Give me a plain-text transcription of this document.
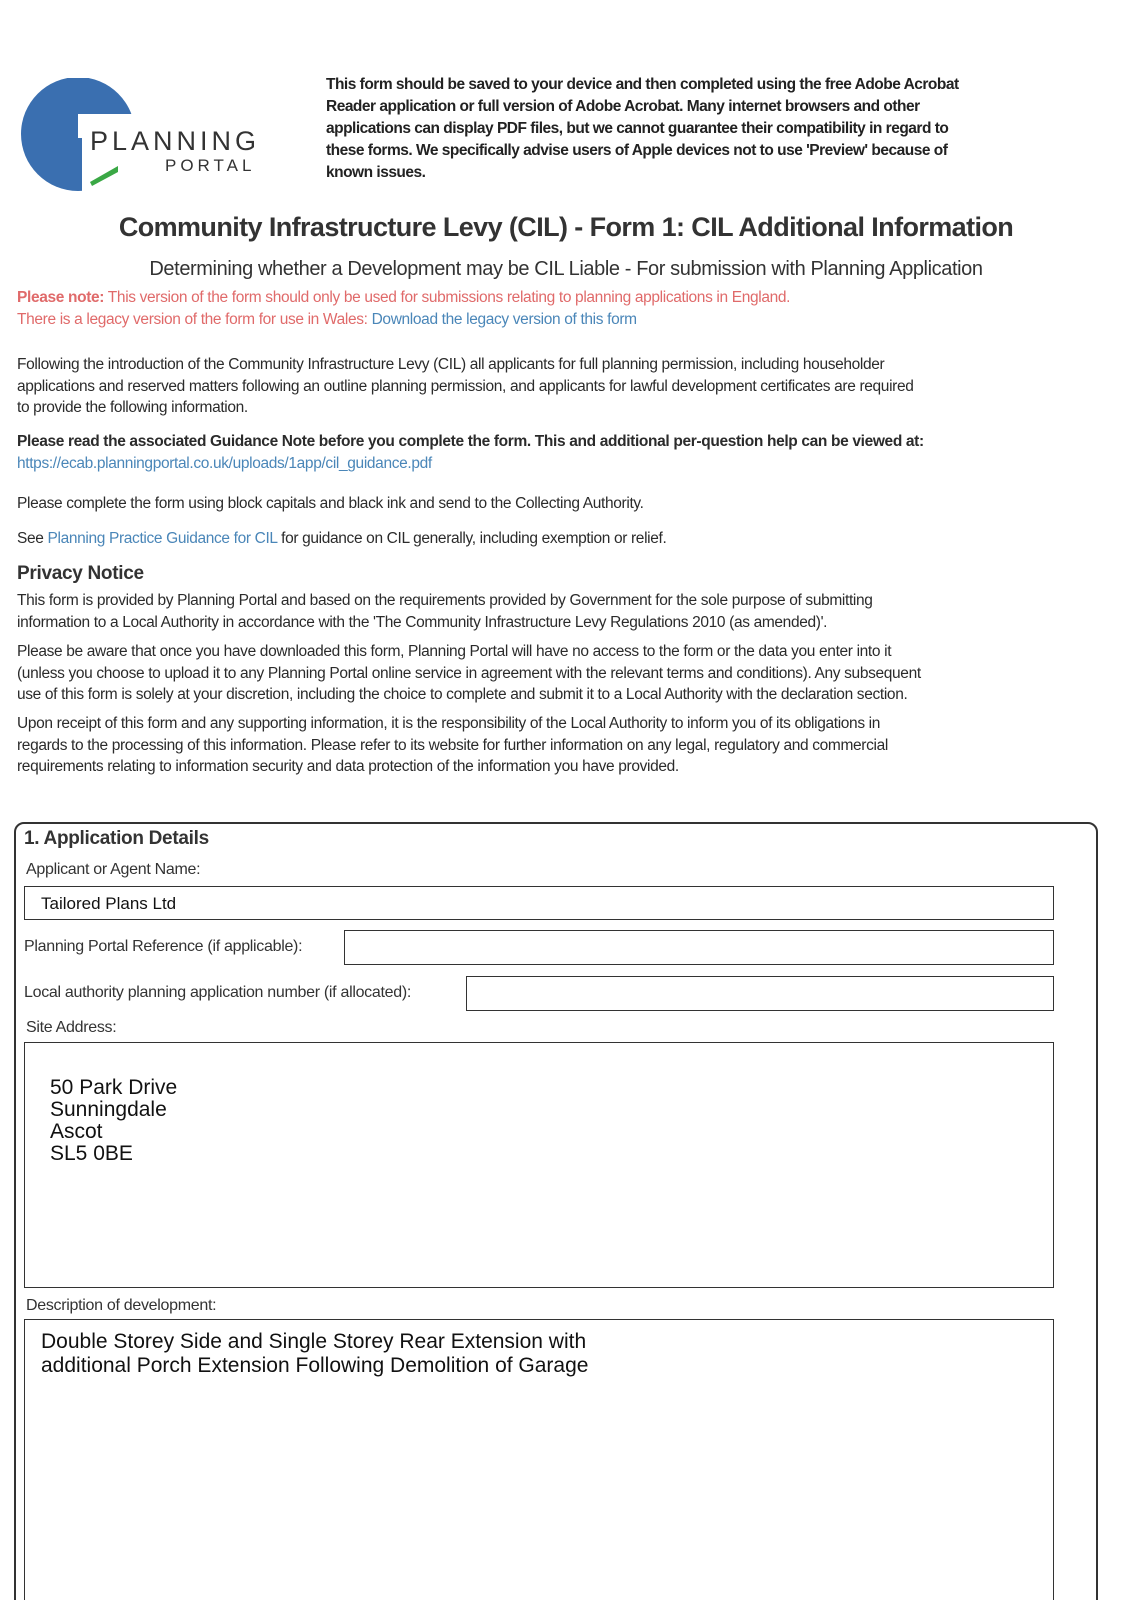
PLANNING
PORTAL
This form should be saved to your device and then completed using the free Adobe Acrobat
Reader application or full version of Adobe Acrobat. Many internet browsers and other
applications can display PDF files, but we cannot guarantee their compatibility in regard to
these forms. We specifically advise users of Apple devices not to use 'Preview' because of
known issues.
Community Infrastructure Levy (CIL) - Form 1: CIL Additional Information
Determining whether a Development may be CIL Liable - For submission with Planning Application
Please note: This version of the form should only be used for submissions relating to planning applications in England.
There is a legacy version of the form for use in Wales: Download the legacy version of this form
Following the introduction of the Community Infrastructure Levy (CIL) all applicants for full planning permission, including householder
applications and reserved matters following an outline planning permission, and applicants for lawful development certificates are required
to provide the following information.
Please read the associated Guidance Note before you complete the form. This and additional per-question help can be viewed at:
https://ecab.planningportal.co.uk/uploads/1app/cil_guidance.pdf
Please complete the form using block capitals and black ink and send to the Collecting Authority.
See Planning Practice Guidance for CIL for guidance on CIL generally, including exemption or relief.
Privacy Notice
This form is provided by Planning Portal and based on the requirements provided by Government for the sole purpose of submitting
information to a Local Authority in accordance with the 'The Community Infrastructure Levy Regulations 2010 (as amended)'.
Please be aware that once you have downloaded this form, Planning Portal will have no access to the form or the data you enter into it
(unless you choose to upload it to any Planning Portal online service in agreement with the relevant terms and conditions). Any subsequent
use of this form is solely at your discretion, including the choice to complete and submit it to a Local Authority with the declaration section.
Upon receipt of this form and any supporting information, it is the responsibility of the Local Authority to inform you of its obligations in
regards to the processing of this information. Please refer to its website for further information on any legal, regulatory and commercial
requirements relating to information security and data protection of the information you have provided.
1. Application Details
Applicant or Agent Name:
Tailored Plans Ltd
Planning Portal Reference (if applicable):
Local authority planning application number (if allocated):
Site Address:
50 Park Drive
Sunningdale
Ascot
SL5 0BE
Description of development:
Double Storey Side and Single Storey Rear Extension with
additional Porch Extension Following Demolition of Garage
